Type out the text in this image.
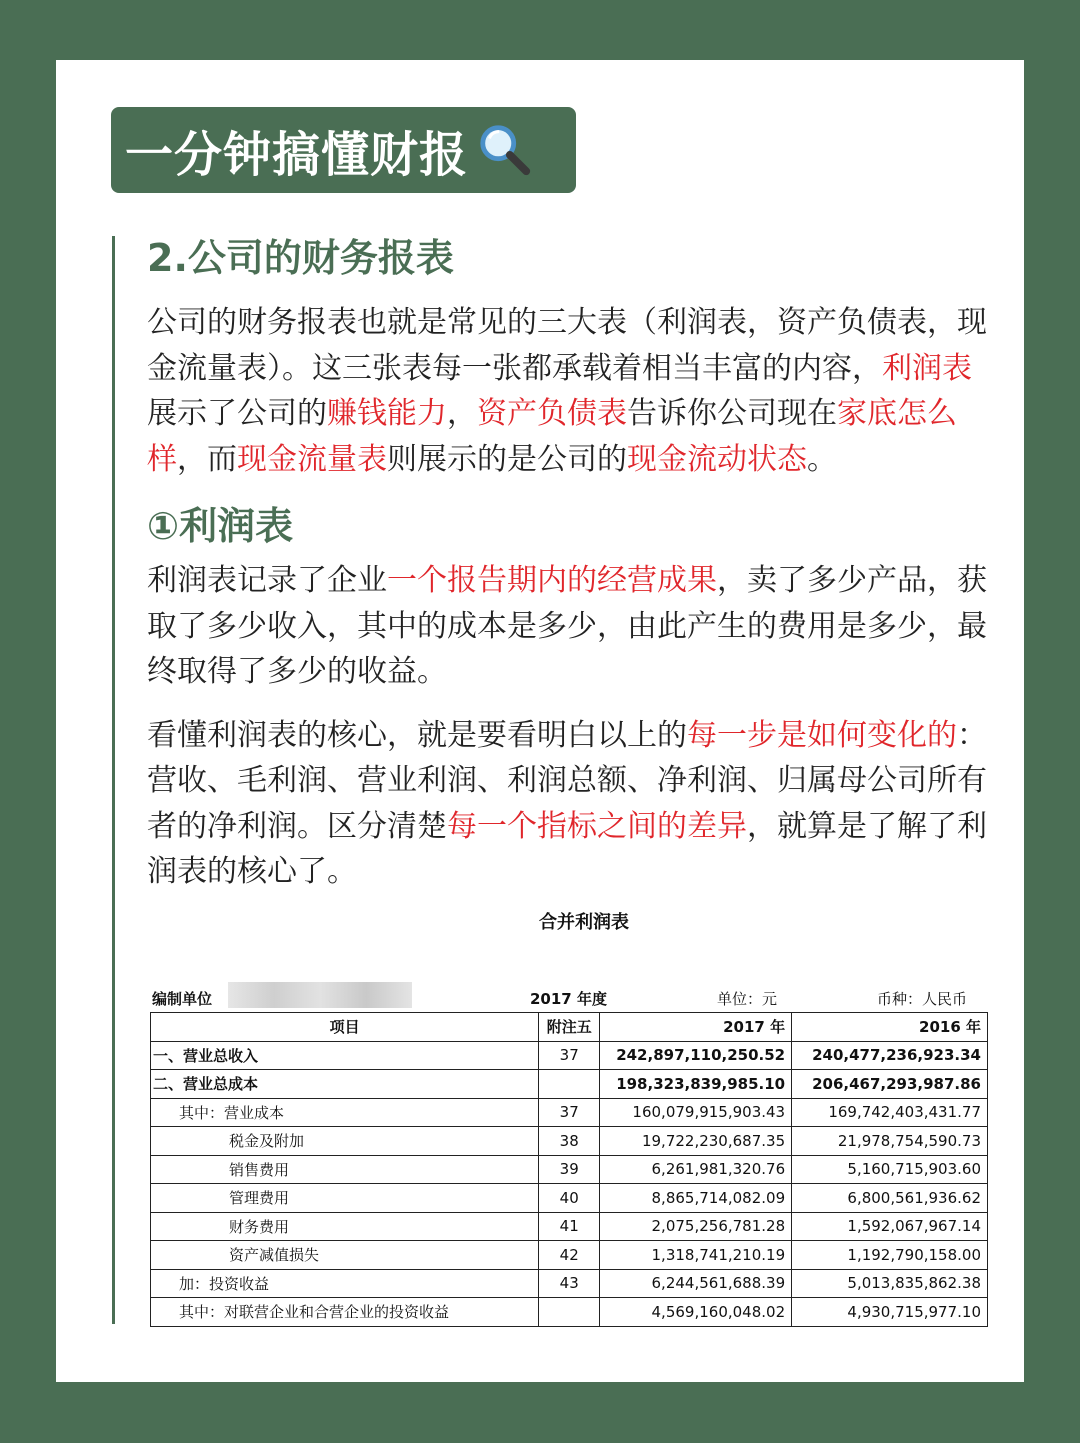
一分钟搞懂财报
2.公司的财务报表

公司的财务报表也就是常见的三大表（利润表，资产负债表，现金流量表）。这三张表每一张都承载着相当丰富的内容，利润表展示了公司的赚钱能力，资产负债表告诉你公司现在家底怎么样，而现金流量表则展示的是公司的现金流动状态。

①利润表

利润表记录了企业一个报告期内的经营成果，卖了多少产品，获取了多少收入，其中的成本是多少，由此产生的费用是多少，最终取得了多少的收益。

看懂利润表的核心，就是要看明白以上的每一步是如何变化的：营收、毛利润、营业利润、利润总额、净利润、归属母公司所有者的净利润。区分清楚每一个指标之间的差异，就算是了解了利润表的核心了。

合并利润表
编制单位	2017 年度	单位：元	币种：人民币
项目	附注五	2017 年	2016 年
一、营业总收入	37	242,897,110,250.52	240,477,236,923.34
二、营业总成本		198,323,839,985.10	206,467,293,987.86
其中：营业成本	37	160,079,915,903.43	169,742,403,431.77
税金及附加	38	19,722,230,687.35	21,978,754,590.73
销售费用	39	6,261,981,320.76	5,160,715,903.60
管理费用	40	8,865,714,082.09	6,800,561,936.62
财务费用	41	2,075,256,781.28	1,592,067,967.14
资产减值损失	42	1,318,741,210.19	1,192,790,158.00
加：投资收益	43	6,244,561,688.39	5,013,835,862.38
其中：对联营企业和合营企业的投资收益		4,569,160,048.02	4,930,715,977.10
